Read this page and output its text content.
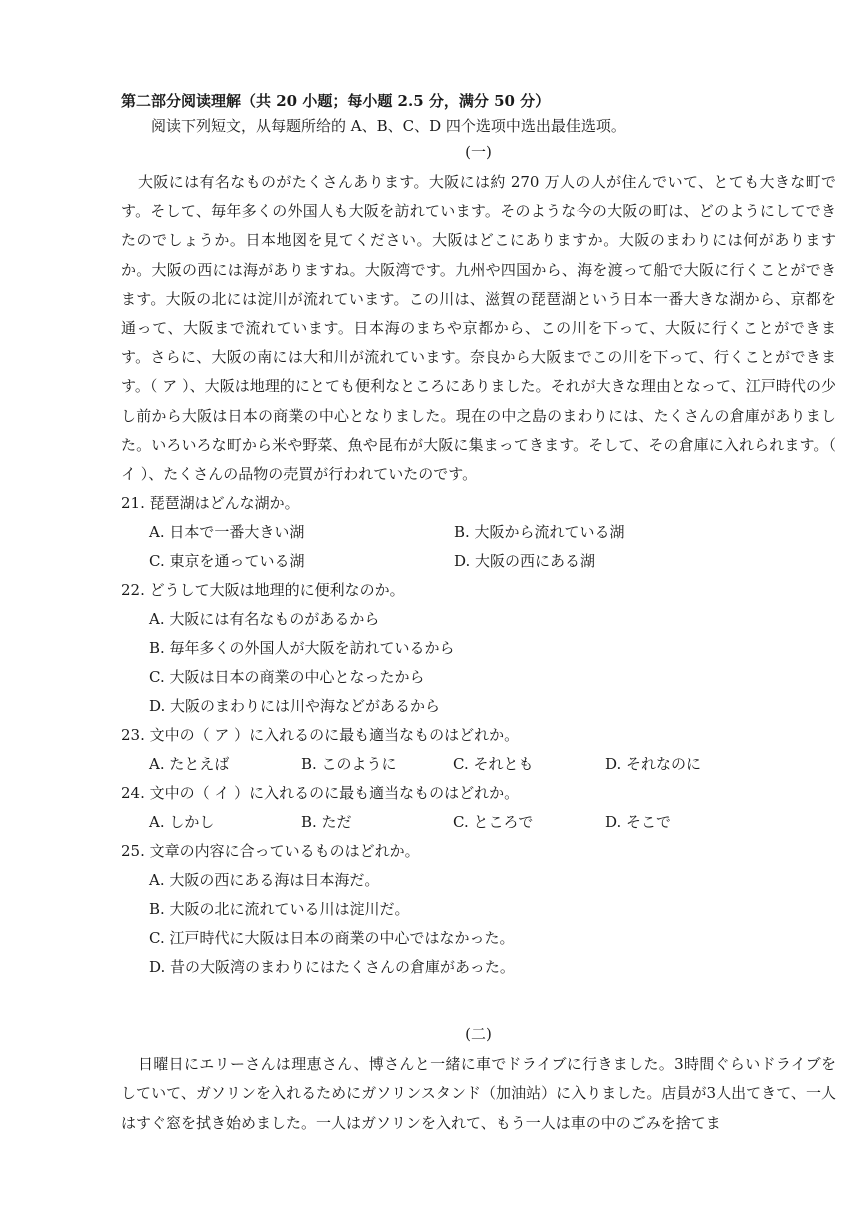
第二部分阅读理解（共 20 小题；每小题 2.5 分，满分 50 分）

阅读下列短文，从每题所给的 A、B、C、D 四个选项中选出最佳选项。

(一)

大阪には有名なものがたくさんあります。大阪には約 270 万人の人が住んでいて、とても大きな町です。そして、毎年多くの外国人も大阪を訪れています。そのような今の大阪の町は、どのようにしてできたのでしょうか。日本地図を見てください。大阪はどこにありますか。大阪のまわりには何がありますか。大阪の西には海がありますね。大阪湾です。九州や四国から、海を渡って船で大阪に行くことができます。大阪の北には淀川が流れています。この川は、滋賀の琵琶湖という日本一番大きな湖から、京都を通って、大阪まで流れています。日本海のまちや京都から、この川を下って、大阪に行くことができます。さらに、大阪の南には大和川が流れています。奈良から大阪までこの川を下って、行くことができます。（ ア ）、大阪は地理的にとても便利なところにありました。それが大きな理由となって、江戸時代の少し前から大阪は日本の商業の中心となりました。現在の中之島のまわりには、たくさんの倉庫がありました。いろいろな町から米や野菜、魚や昆布が大阪に集まってきます。そして、その倉庫に入れられます。（ イ ）、たくさんの品物の売買が行われていたのです。

21. 琵琶湖はどんな湖か。

A. 日本で一番大きい湖	B. 大阪から流れている湖
C. 東京を通っている湖	D. 大阪の西にある湖

22. どうして大阪は地理的に便利なのか。

A. 大阪には有名なものがあるから

B. 毎年多くの外国人が大阪を訪れているから

C. 大阪は日本の商業の中心となったから

D. 大阪のまわりには川や海などがあるから

23. 文中の（ ア ）に入れるのに最も適当なものはどれか。

A. たとえば	B. このように	C. それとも	D. それなのに

24. 文中の（ イ ）に入れるのに最も適当なものはどれか。

A. しかし	B. ただ	C. ところで	D. そこで

25. 文章の内容に合っているものはどれか。

A. 大阪の西にある海は日本海だ。

B. 大阪の北に流れている川は淀川だ。

C. 江戸時代に大阪は日本の商業の中心ではなかった。

D. 昔の大阪湾のまわりにはたくさんの倉庫があった。

(二)

日曜日にエリーさんは理恵さん、博さんと一緒に車でドライブに行きました。3時間ぐらいドライブをしていて、ガソリンを入れるためにガソリンスタンド（加油站）に入りました。店員が3人出てきて、一人はすぐ窓を拭き始めました。一人はガソリンを入れて、もう一人は車の中のごみを捨てま
